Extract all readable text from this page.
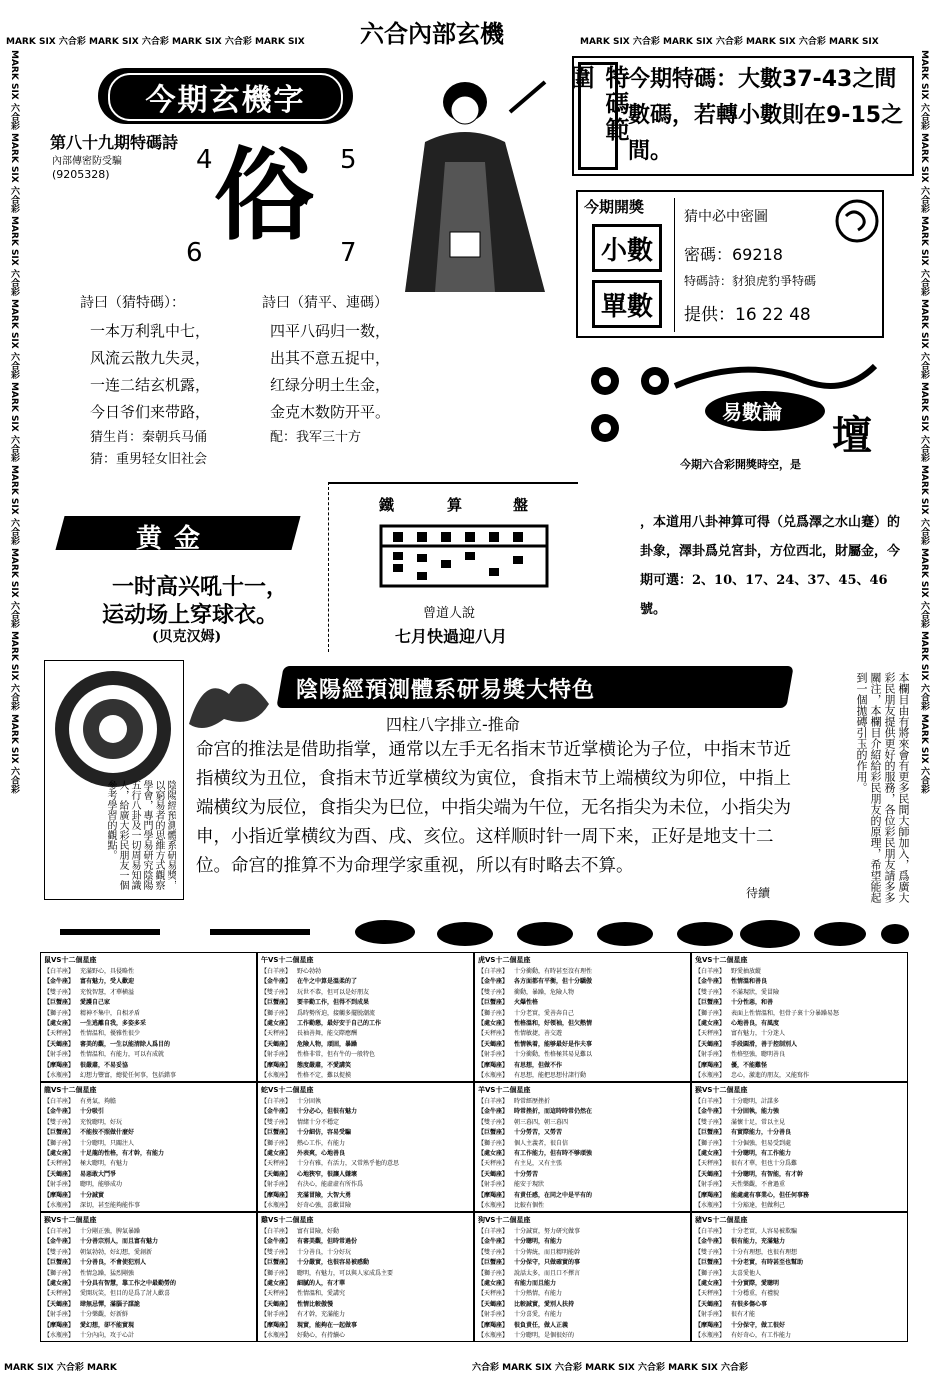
MARK SIX 六合彩 MARK SIX 六合彩 MARK SIX 六合彩 MARK SIX	六合內部玄機	MARK SIX 六合彩 MARK SIX 六合彩 MARK SIX 六合彩 MARK SIX
MARK SIX 六合彩 MARK SIX 六合彩 MARK SIX 六合彩 MARK SIX 六合彩 MARK SIX 六合彩 MARK SIX 六合彩 MARK SIX 六合彩 MARK SIX 六合彩 MARK SIX 六合彩	MARK SIX 六合彩 MARK SIX 六合彩 MARK SIX 六合彩 MARK SIX 六合彩 MARK SIX 六合彩 MARK SIX 六合彩 MARK SIX 六合彩 MARK SIX 六合彩 MARK SIX 六合彩
今期玄機字
第八十九期特碼詩
內部傳密防受騙
(9205328)	4	5
俗
6	7
詩曰（猜特碼）：	詩曰（猜平、連碼）
一本万利乳中七，
风流云散九失灵，
一连二结玄机露，
今日爷们来带路，
四平八码归一数，
出其不意五捉中，
红绿分明土生金，
金克木数防开平。
猜生肖：秦朝兵马俑
猜：重男轻女旧社会
配：我军三十方
特碼範圍	今期特碼：大數37-43之間數碼，若轉小數則在9-15之間。
今期開獎
小數
單數
猜中必中密圖
密碼：69218
特碼詩：豺狼虎豹爭特碼
提供：16 22 48
易數論 壇
今期六合彩開獎時空，是
，本道用八卦神算可得（兑爲澤之水山蹇）的卦象，澤卦爲兑宮卦，方位西北，財屬金，今期可選：2、10、17、24、37、45、46號。
黄金
一时高兴吼十一，
运动场上穿球衣。
(贝克汉姆)
鐵	算	盤
曾道人說
七月快過迎八月
陰陽經預測體系研易獎，以窮易者的思維方式觀察學會，專門學易研究陰陽五行八卦及一切周易知識人，給廣大彩民朋友一個參考學習的觀點。
陰陽經預測體系研易獎大特色
四柱八字排立-推命
命宫的推法是借助指掌，通常以左手无名指末节近掌横论为子位，中指末节近指横纹为丑位，食指末节近掌横纹为寅位，食指末节上端横纹为卯位，中指上端横纹为辰位，食指尖为巳位，中指尖端为午位，无名指尖为未位，小指尖为申，小指近掌横纹为酉、戌、亥位。这样顺时针一周下来，正好是地支十二位。命宫的推算不为命理学家重视，所以有时略去不算。
待續	本欄目由有將來會有更多民間大師加入，爲廣大彩民朋友提供更好的服務，各位彩民朋友請多多關注，本欄目介紹給彩民朋友的原理，希望能起到一個拋磚引玉的作用。
鼠VS十二個星座
【白羊座】 充滿野心，具侵略性
【金牛座】 富有魅力，受人歡迎
【雙子座】 充悅智慧，才華横溢
【巨蟹座】 愛護自己家
【獅子座】 精神不集中，自相矛盾
【處女座】 一生逃離自我，多姿多采
【天秤座】 性情温和，優雅性很少
【天蝎座】 審美的觀，一生以能清除人爲目的
【射手座】 性情温和，有能力，可以有成就
【摩羯座】 很嚴肅，不易妥協
【水瓶座】 幻想力豐富，總從任何事，包括錯事
午VS十二個星座
【白羊座】 野心勃勃
【金牛座】 在牛之中算是溫柔的了
【雙子座】 玩世不恭，但可以是好朋友
【巨蟹座】 要辛勤工作，但得不到成果
【獅子座】 爲時勢所迫，接觸多擺脱潮流
【處女座】 工作勤懇，最好安于自己的工作
【天秤座】 長袖善舞，能交際應酬
【天蝎座】 危險人物，頑固，暴躁
【射手座】 性格非常，但有牛的一般特色
【摩羯座】 態度嚴肅，不愛講笑
【水瓶座】 性格不定，難以捉摸
虎VS十二個星座
【白羊座】 十分衝動，有時甚至沒有理性
【金牛座】 各方面都有平衡，但十分驕傲
【雙子座】 衝動，暴躁，危險人物
【巨蟹座】 火爆性格
【獅子座】 十分老實，愛善奔自己
【處女座】 性格溫和，好領袖，但欠熱情
【天秤座】 性情敏捷，善交遊
【天蝎座】 性情執着，能够最好是作夫事
【射手座】 十分衝動，性格極其易見難以
【摩羯座】 有思想，但做不作
【水瓶座】 有思想，能把思想付諸行動
兔VS十二個星座
【白羊座】 野愛抽放縱
【金牛座】 性情溫和善良
【雙子座】 不滿現狀，愛冒險
【巨蟹座】 十分性惡，和善
【獅子座】 表面上性情溫和，但骨子裏十分暴躁易怒
【處女座】 心地善良，有風度
【天秤座】 富有魅力，十分迷人
【天蝎座】 手段圓滑，善于控制別人
【射手座】 性格堅強，聰明善良
【摩羯座】 優，不能難怪
【水瓶座】 忠心，激進的朋友，又能寫作
龍VS十二個星座
【白羊座】 有勇氣，夠膽
【金牛座】 十分吸引
【雙子座】 充悅聰明，好玩
【巨蟹座】 不能按不照做什麼好
【獅子座】 十分聰明，只關注人
【處女座】 十足龍的性格，有才幹，有能力
【天秤座】 極大聰明，有魅力
【天蝎座】 易惡敢大鬥爭
【射手座】 聰明，能够成功
【摩羯座】 十分誠實
【水瓶座】 深切，甚至能夠能作事
蛇VS十二個星座
【白羊座】 十分固執
【金牛座】 十分必心，但很有魅力
【雙子座】 情緒十分不穩定
【巨蟹座】 十分細仿，容易受騙
【獅子座】 熱心工作，有能力
【處女座】 外表爽，心地善良
【天秤座】 十分有雅，有活力，又常熟乎他的意思
【天蝎座】 心地狹窄，很讓人嫌壞
【射手座】 有決心，能虛虛有所作爲
【摩羯座】 充滿冒險，大智大勇
【水瓶座】 好奇心強，喜歡冒險
羊VS十二個星座
【白羊座】 時常經歷挫折
【金牛座】 時常挫折，而這時時常仍然在
【雙子座】 朝三暮四，朝三暮四
【巨蟹座】 十分勞苦，又勞苦
【獅子座】 個人主義者，很自信
【處女座】 有工作能力，但有時不够頑強
【天秤座】 有主見，又有主張
【天蝎座】 十分勞苦
【射手座】 能安于現狀
【摩羯座】 有責任感，在同之中是平有的
【水瓶座】 比較有個性
猴VS十二個星座
【白羊座】 十分聰明，計謀多
【金牛座】 十分固執，能力強
【雙子座】 滿懷十足，常以主見
【巨蟹座】 有實際能力，十分善良
【獅子座】 十分倔強，但易受到處
【處女座】 十分聰明，有工作能力
【天秤座】 很有才華，但也十分爲難
【天蝎座】 十分聰明，有智能，有才幹
【射手座】 天性樂觀，不會過重
【摩羯座】 能處處有事業心，但任何事務
【水瓶座】 十分豁達，但做利己
猴VS十二個星座
【白羊座】 十分剛正強，脾氣暴躁
【金牛座】 十分善宗別人，而且富有魅力
【雙子座】 朝氣勃勃，好幻想，愛創新
【巨蟹座】 十分善良，不會使犯別人
【獅子座】 性情急躁，猛烈剛強
【處女座】 十分具有智慧，靠工作之中最勤勞的
【天秤座】 愛開玩笑，但目的是爲了討人歡喜
【天蝎座】 肆無忌憚，滿腦子謀詭
【射手座】 十分樂觀，好新鮮
【摩羯座】 愛幻想，卻不能實現
【水瓶座】 十分內向，攻于心計
雞VS十二個星座
【白羊座】 富有冒險，好動
【金牛座】 有審美觀，但時常過份
【雙子座】 十分善良，十分好玩
【巨蟹座】 十分嚴實，也很容易被感動
【獅子座】 聰明，有魅力，可以與人家成爲主要
【處女座】 細膩的人，有才華
【天秤座】 性情溫和，愛講究
【天蝎座】 性情比較傲慢
【射手座】 有才幹，充滿能力
【摩羯座】 現實，能夠在一起做事
【水瓶座】 好動心，有持續心
狗VS十二個星座
【白羊座】 十分誠實，努力研究做事
【金牛座】 十分聰明，有能力
【雙子座】 十分傳統，而且精明能幹
【巨蟹座】 十分保守，只做確實的事
【獅子座】 說話太多，而且口不擇言
【處女座】 有能力而且能力
【天秤座】 十分熱情，有能力
【天蝎座】 比較誠實，愛別人扶持
【射手座】 十分喜愛，有能力
【摩羯座】 很負責任，做人正義
【水瓶座】 十分聰明，是個很好的
豬VS十二個星座
【白羊座】 十分老實，人容易被欺騙
【金牛座】 很有能力，充滿魅力
【雙子座】 十分有理想，也很有理想
【巨蟹座】 十分老實，有時甚至也幫助
【獅子座】 太喜愛他人
【處女座】 十分實際，愛聰明
【天秤座】 十分穩重，有禮貌
【天蝎座】 有很多傷心事
【射手座】 很有才能
【摩羯座】 十分保守，做工很好
【水瓶座】 有好奇心，有工作能力
MARK SIX 六合彩 MARK	六合彩 MARK SIX 六合彩 MARK SIX 六合彩 MARK SIX 六合彩
